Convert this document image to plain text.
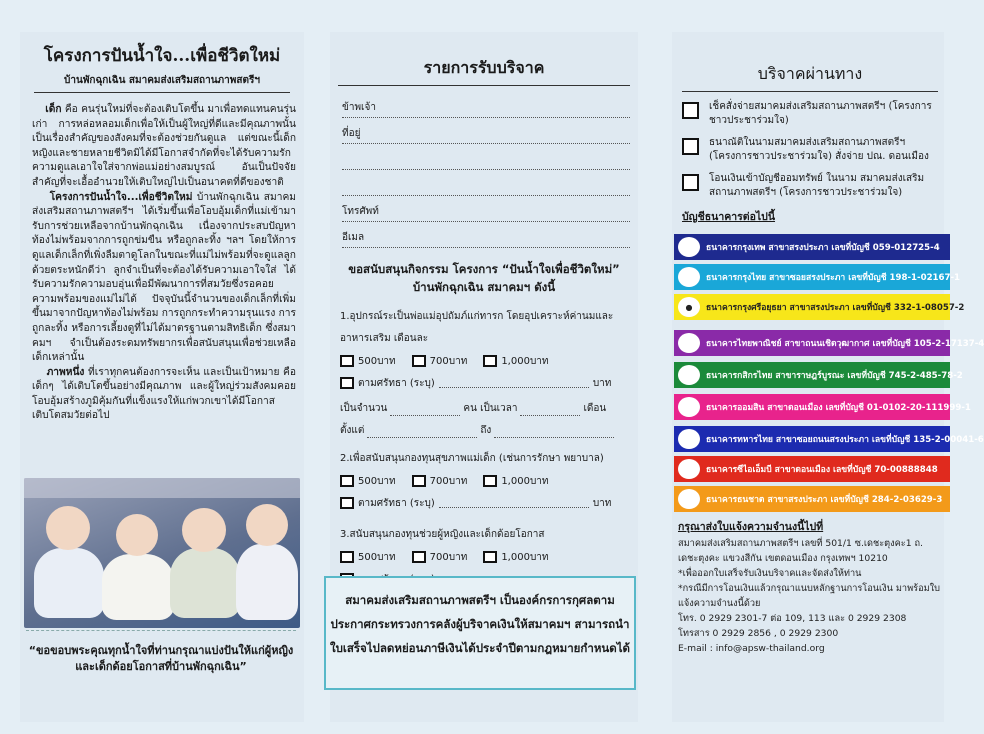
โครงการปันน้ำใจ...เพื่อชีวิตใหม่
บ้านพักฉุกเฉิน สมาคมส่งเสริมสถานภาพสตรีฯ

เด็ก คือ คนรุ่นใหม่ที่จะต้องเติบโตขึ้น มาเพื่อทดแทนคนรุ่นเก่า การหล่อหลอมเด็กเพื่อให้เป็นผู้ใหญ่ที่ดีและมีคุณภาพนั้นเป็นเรื่องสำคัญของสังคมที่จะต้องช่วยกันดูแล แต่ขณะนี้เด็กหญิงและชายหลายชีวิตมิได้มีโอกาสจำกัดที่จะได้รับความรัก ความดูแลเอาใจใส่จากพ่อแม่อย่างสมบูรณ์ อันเป็นปัจจัยสำคัญที่จะเอื้ออำนวยให้เติบใหญ่ไปเป็นอนาคตที่ดีของชาติ

โครงการปันน้ำใจ...เพื่อชีวิตใหม่ บ้านพักฉุกเฉิน สมาคมส่งเสริมสถานภาพสตรีฯ ได้เริ่มขึ้นเพื่อโอบอุ้มเด็กที่แม่เข้ามารับการช่วยเหลือจากบ้านพักฉุกเฉิน เนื่องจากประสบปัญหา ท้องไม่พร้อมจากการถูกข่มขืน หรือถูกละทิ้ง ฯลฯ โดยให้การดูแลเด็กเล็กที่เพิ่งลืมตาดูโลกในขณะที่แม่ไม่พร้อมที่จะดูแลลูก ด้วยตระหนักดีว่า ลูกจำเป็นที่จะต้องได้รับความเอาใจใส่ ได้รับความรักความอบอุ่นเพื่อมีพัฒนาการที่สมวัยซึ่งรอคอยความพร้อมของแม่ไม่ได้ ปัจจุบันนี้จำนวนของเด็กเล็กที่เพิ่มขึ้นมาจากปัญหาท้องไม่พร้อม การถูกกระทำความรุนแรง การถูกละทิ้ง หรือการเลี้ยงดูที่ไม่ได้มาตรฐานตามสิทธิเด็ก ซึ่งสมาคมฯ จำเป็นต้องระดมทรัพยากรเพื่อสนับสนุนเพื่อช่วยเหลือเด็กเหล่านั้น

ภาพหนึ่ง ที่เราทุกคนต้องการจะเห็น และเป็นเป้าหมาย คือเด็กๆ ได้เติบโตขึ้นอย่างมีคุณภาพ และผู้ใหญ่ร่วมสังคมคอยโอบอุ้มสร้างภูมิคุ้มกันที่แข็งแรงให้แก่พวกเขาได้มีโอกาสเติบโตสมวัยต่อไป

“ขอขอบพระคุณทุกน้ำใจที่ท่านกรุณาแบ่งปันให้แก่ผู้หญิงและเด็กด้อยโอกาสที่บ้านพักฉุกเฉิน”
รายการรับบริจาค
ข้าพเจ้า
ที่อยู่
โทรศัพท์
อีเมล
ขอสนับสนุนกิจกรรม โครงการ “ปันน้ำใจเพื่อชีวิตใหม่”
บ้านพักฉุกเฉิน สมาคมฯ ดังนี้
1.อุปกรณ์ระเป็นพ่อแม่อุปถัมภ์แก่ทารก โดยอุปเคราะห์ค่านมและอาหารเสริม เดือนละ
500บาท	700บาท	1,000บาท
ตามศรัทธา (ระบุ)	บาท
เป็นจำนวน	คน เป็นเวลา	เดือน
ตั้งแต่	ถึง
2.เพื่อสนับสนุนกองทุนสุขภาพแม่เด็ก (เช่นการรักษา พยาบาล)
500บาท	700บาท	1,000บาท
ตามศรัทธา (ระบุ)	บาท
3.สนับสนุนกองทุนช่วยผู้หญิงและเด็กด้อยโอกาส
500บาท	700บาท	1,000บาท
สมาคมส่งเสริมสถานภาพสตรีฯ เป็นองค์กรการกุศลตามประกาศกระทรวงการคลังผู้บริจาคเงินให้สมาคมฯ สามารถนำใบเสร็จไปลดหย่อนภาษีเงินได้ประจำปีตามกฎหมายกำหนดได้
บริจาคผ่านทาง
เช็คสั่งจ่ายสมาคมส่งเสริมสถานภาพสตรีฯ (โครงการชาวประชาร่วมใจ)
ธนาณัติในนามสมาคมส่งเสริมสถานภาพสตรีฯ (โครงการชาวประชาร่วมใจ) สั่งจ่าย ปณ. ดอนเมือง
โอนเงินเข้าบัญชีออมทรัพย์ ในนาม สมาคมส่งเสริมสถานภาพสตรีฯ (โครงการชาวประชาร่วมใจ)
บัญชีธนาคารต่อไปนี้
●	ธนาคารกรุงเทพ สาขาสรงประภา เลขที่บัญชี 059-012725-4
●	ธนาคารกรุงไทย สาขาซอยสรงประภา เลขที่บัญชี 198-1-02167-1
●	ธนาคารกรุงศรีอยุธยา สาขาสรงประภา เลขที่บัญชี 332-1-08057-2
●	ธนาคารไทยพาณิชย์ สาขาถนนเชิดวุฒากาศ เลขที่บัญชี 105-2-17137-4
●	ธนาคารกสิกรไทย สาขาราษฎร์บูรณะ เลขที่บัญชี 745-2-485-78-2
●	ธนาคารออมสิน สาขาดอนเมือง เลขที่บัญชี 01-0102-20-111999-1
●	ธนาคารทหารไทย สาขาซอยถนนสรงประภา เลขที่บัญชี 135-2-00041-6
●	ธนาคารซีไอเอ็มบี สาขาดอนเมือง เลขที่บัญชี 70-00888848
●	ธนาคารธนชาต สาขาสรงประภา เลขที่บัญชี 284-2-03629-3
กรุณาส่งใบแจ้งความจำนงนี้ไปที่
สมาคมส่งเสริมสถานภาพสตรีฯ เลขที่ 501/1 ซ.เดชะตุงคะ1 ถ.
เดชะตุงคะ แขวงสีกัน เขตดอนเมือง กรุงเทพฯ 10210
*เพื่อออกใบเสร็จรับเงินบริจาคและจัดส่งให้ท่าน
*กรณีมีการโอนเงินแล้วกรุณาแนบหลักฐานการโอนเงิน มาพร้อมใบแจ้งความจำนงนี้ด้วย
โทร. 0 2929 2301-7 ต่อ 109, 113 และ 0 2929 2308
โทรสาร 0 2929 2856 , 0 2929 2300
E-mail : info@apsw-thailand.org
